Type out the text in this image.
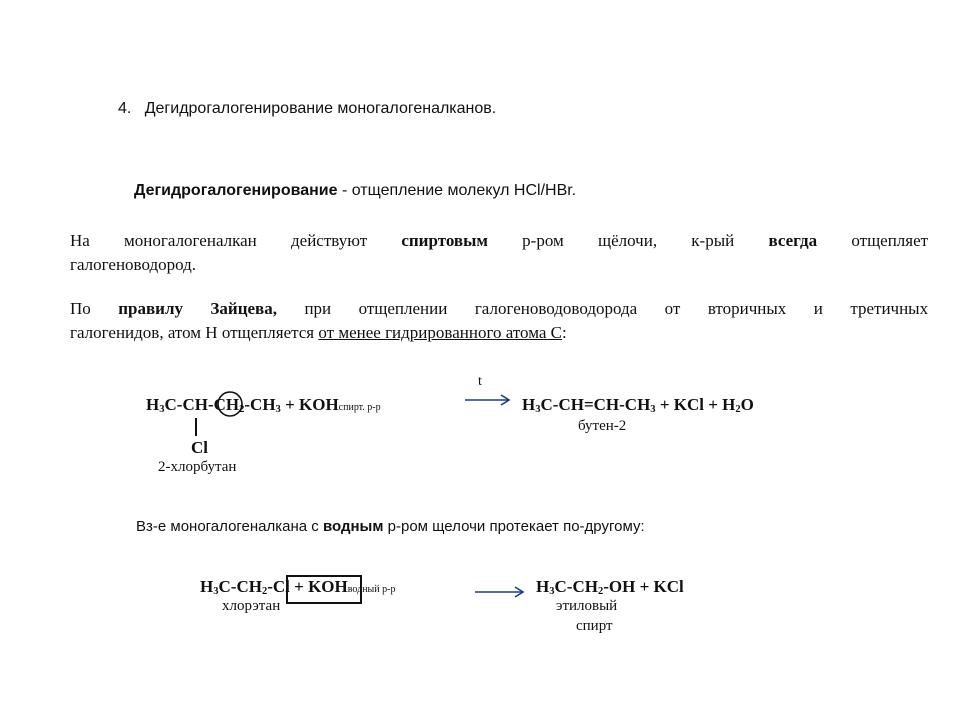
4. Дегидрогалогенирование моногалогеналканов.
Дегидрогалогенирование - отщепление молекул HCl/HBr.
На моногалогеналкан действуют спиртовым р-ром щёлочи, к-рый всегда отщепляет
галогеноводород.
По правилу Зайцева, при отщеплении галогеноводоводорода от вторичных и третичных
галогенидов, атом H отщепляется от менее гидрированного атома С:
$H_3C-CH-CH_2-CH_3$ + KOHспирт. р-р
Cl
2-хлорбутан
t
→ $H_3C-CH=CH-CH_3$ + KCl + $H_2O$
бутен-2
Вз-е моногалогеналкана с водным р-ром щелочи протекает по-другому:
$H_3C-CH_2-Cl$ + KOHводный р-р
хлорэтан
→ $H_3C-CH_2-OH$ + KCl
этиловый
спирт
